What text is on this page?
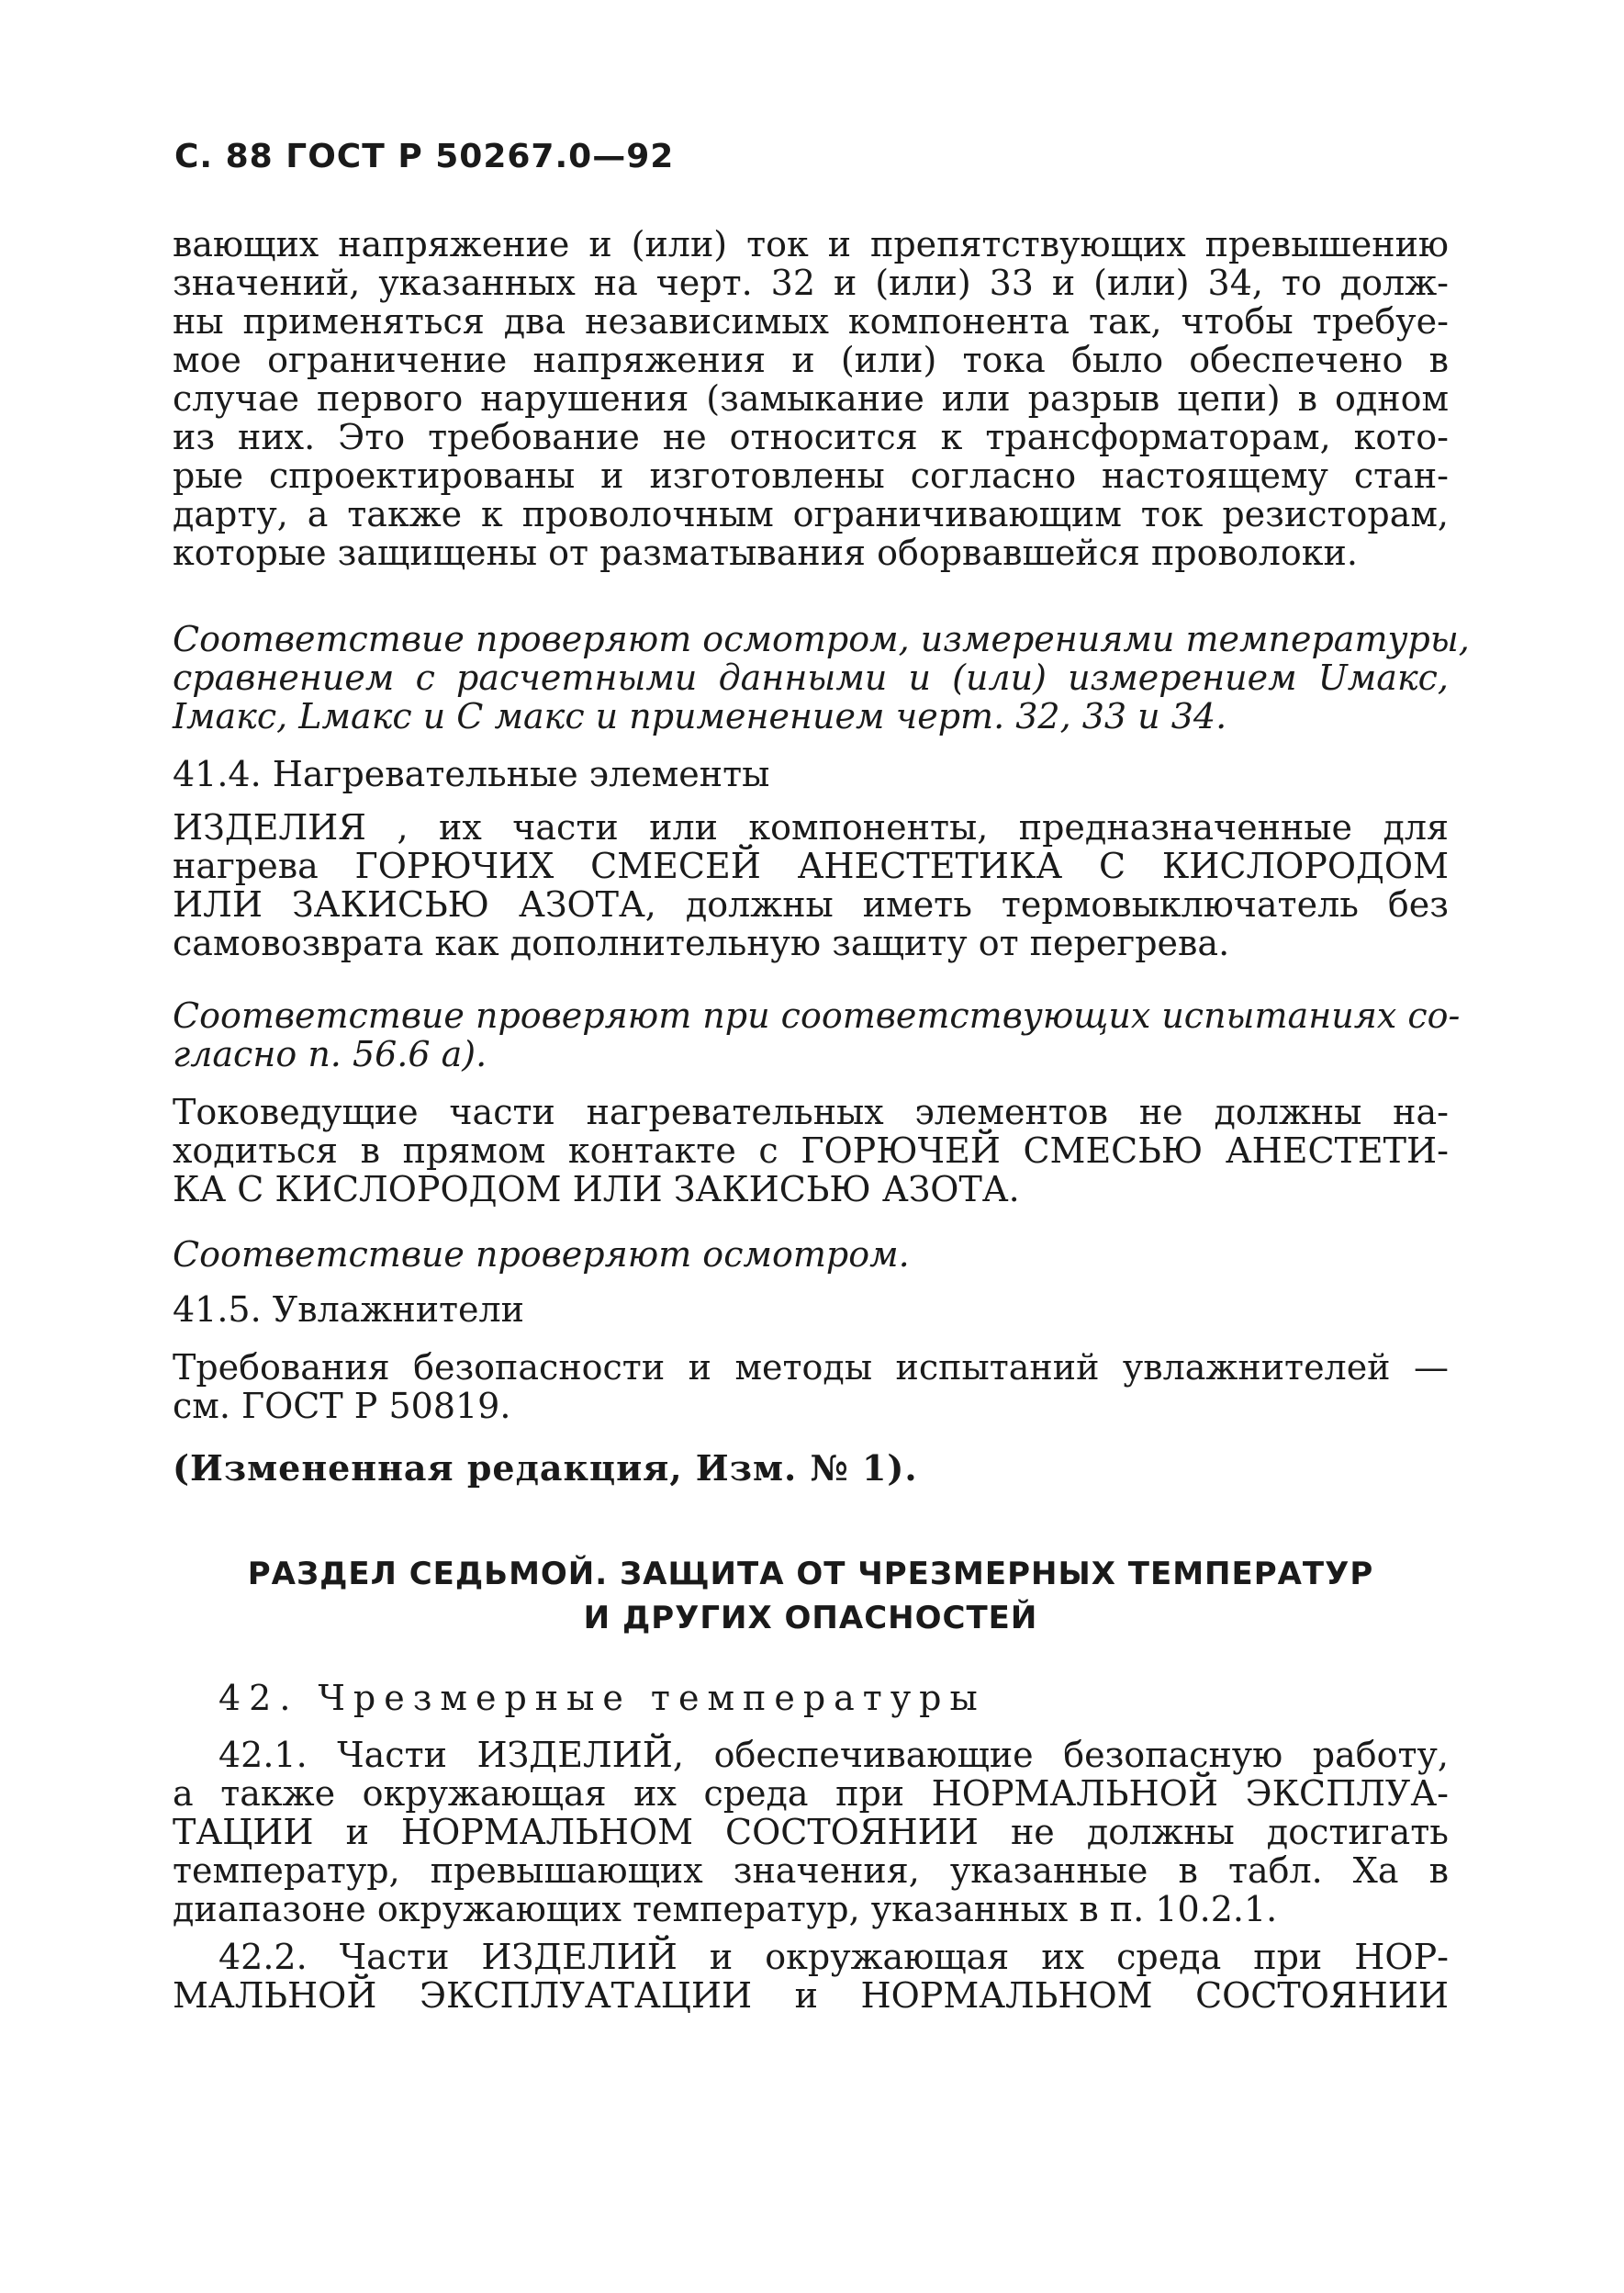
С. 88 ГОСТ Р 50267.0—92
вающих напряжение и (или) ток и препятствующих превышению
значений, указанных на черт. 32 и (или) 33 и (или) 34, то долж-
ны применяться два независимых компонента так, чтобы требуе-
мое ограничение напряжения и (или) тока было обеспечено в
случае первого нарушения (замыкание или разрыв цепи) в одном
из них. Это требование не относится к трансформаторам, кото-
рые спроектированы и изготовлены согласно настоящему стан-
дарту, а также к проволочным ограничивающим ток резисторам,
которые защищены от разматывания оборвавшейся проволоки.
Соответствие проверяют осмотром, измерениями температуры,
сравнением с расчетными данными и (или) измерением Uмакс,
Iмакс, Lмакс и C макс и применением черт. 32, 33 и 34.
41.4. Нагревательные элементы
ИЗДЕЛИЯ , их части или компоненты, предназначенные для
нагрева ГОРЮЧИХ СМЕСЕЙ АНЕСТЕТИКА С КИСЛОРОДОМ
ИЛИ ЗАКИСЬЮ АЗОТА, должны иметь термовыключатель без
самовозврата как дополнительную защиту от перегрева.
Соответствие проверяют при соответствующих испытаниях со-
гласно п. 56.6 а).
Токоведущие части нагревательных элементов не должны на-
ходиться в прямом контакте с ГОРЮЧЕЙ СМЕСЬЮ АНЕСТЕТИ-
КА С КИСЛОРОДОМ ИЛИ ЗАКИСЬЮ АЗОТА.
Соответствие проверяют осмотром.
41.5. Увлажнители
Требования безопасности и методы испытаний увлажнителей —
см. ГОСТ Р 50819.
(Измененная редакция, Изм. № 1).
РАЗДЕЛ СЕДЬМОЙ. ЗАЩИТА ОТ ЧРЕЗМЕРНЫХ ТЕМПЕРАТУР
И ДРУГИХ ОПАСНОСТЕЙ
42. Чрезмерные температуры
42.1. Части ИЗДЕЛИЙ, обеспечивающие безопасную работу,
а также окружающая их среда при НОРМАЛЬНОЙ ЭКСПЛУА-
ТАЦИИ и НОРМАЛЬНОМ СОСТОЯНИИ не должны достигать
температур, превышающих значения, указанные в табл. Ха в
диапазоне окружающих температур, указанных в п. 10.2.1.
42.2. Части ИЗДЕЛИЙ и окружающая их среда при НОР-
МАЛЬНОЙ ЭКСПЛУАТАЦИИ и НОРМАЛЬНОМ СОСТОЯНИИ
